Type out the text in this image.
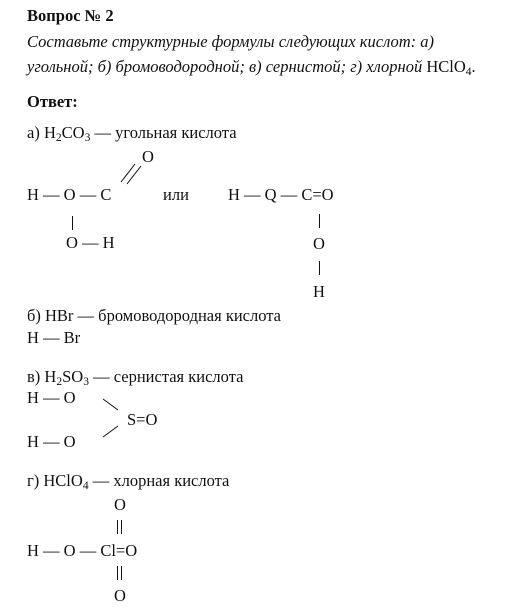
Вопрос № 2
Составьте структурные формулы следующих кислот: а)
угольной; б) бромоводородной; в) сернистой; г) хлорной HClO$_4$.
Ответ:
а) $H_2CO_3$ — угольная кислота
O
H — O — C
O — H
или H — Q — C=O
O
H
б) HBr — бромоводородная кислота
H — Br
в) $H_2SO_3$ — сернистая кислота
H — O
S=O
H — O
г) HClO$_4$ — хлорная кислота
O
H — O — Cl=O
O
